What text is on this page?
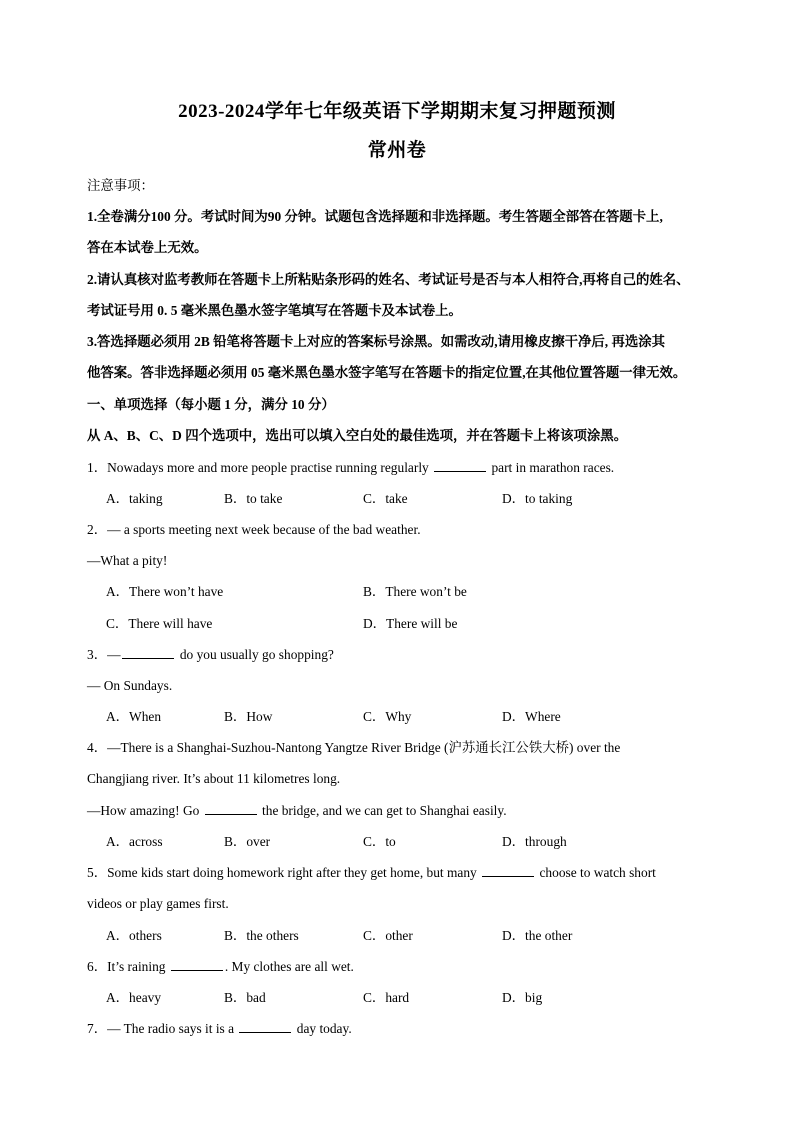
2023-2024学年七年级英语下学期期末复习押题预测
常州卷
注意事项：
1.全卷满分100 分。考试时间为90 分钟。试题包含选择题和非选择题。考生答题全部答在答题卡上,
答在本试卷上无效。
2.请认真核对监考教师在答题卡上所粘贴条形码的姓名、考试证号是否与本人相符合,再将自己的姓名、
考试证号用 0. 5 毫米黑色墨水签字笔填写在答题卡及本试卷上。
3.答选择题必须用 2B 铅笔将答题卡上对应的答案标号涂黑。如需改动,请用橡皮擦干净后, 再选涂其
他答案。答非选择题必须用 05 毫米黑色墨水签字笔写在答题卡的指定位置,在其他位置答题一律无效。
一、单项选择（每小题 1 分，满分 10 分）
从 A、B、C、D 四个选项中，选出可以填入空白处的最佳选项，并在答题卡上将该项涂黑。
1．Nowadays more and more people practise running regularly	part in marathon races.
A．taking	B．to take	C．take	D．to taking
2．— a sports meeting next week because of the bad weather.
—What a pity!
A．There won’t have	B．There won’t be
C．There will have	D．There will be
3．—	do you usually go shopping?
— On Sundays.
A．When	B．How	C．Why	D．Where
4．—There is a Shanghai-Suzhou-Nantong Yangtze River Bridge (沪苏通长江公铁大桥) over the
Changjiang river. It’s about 11 kilometres long.
—How amazing! Go	the bridge, and we can get to Shanghai easily.
A．across	B．over	C．to	D．through
5．Some kids start doing homework right after they get home, but many	choose to watch short
videos or play games first.
A．others	B．the others	C．other	D．the other
6．It’s raining	. My clothes are all wet.
A．heavy	B．bad	C．hard	D．big
7．— The radio says it is a	day today.
